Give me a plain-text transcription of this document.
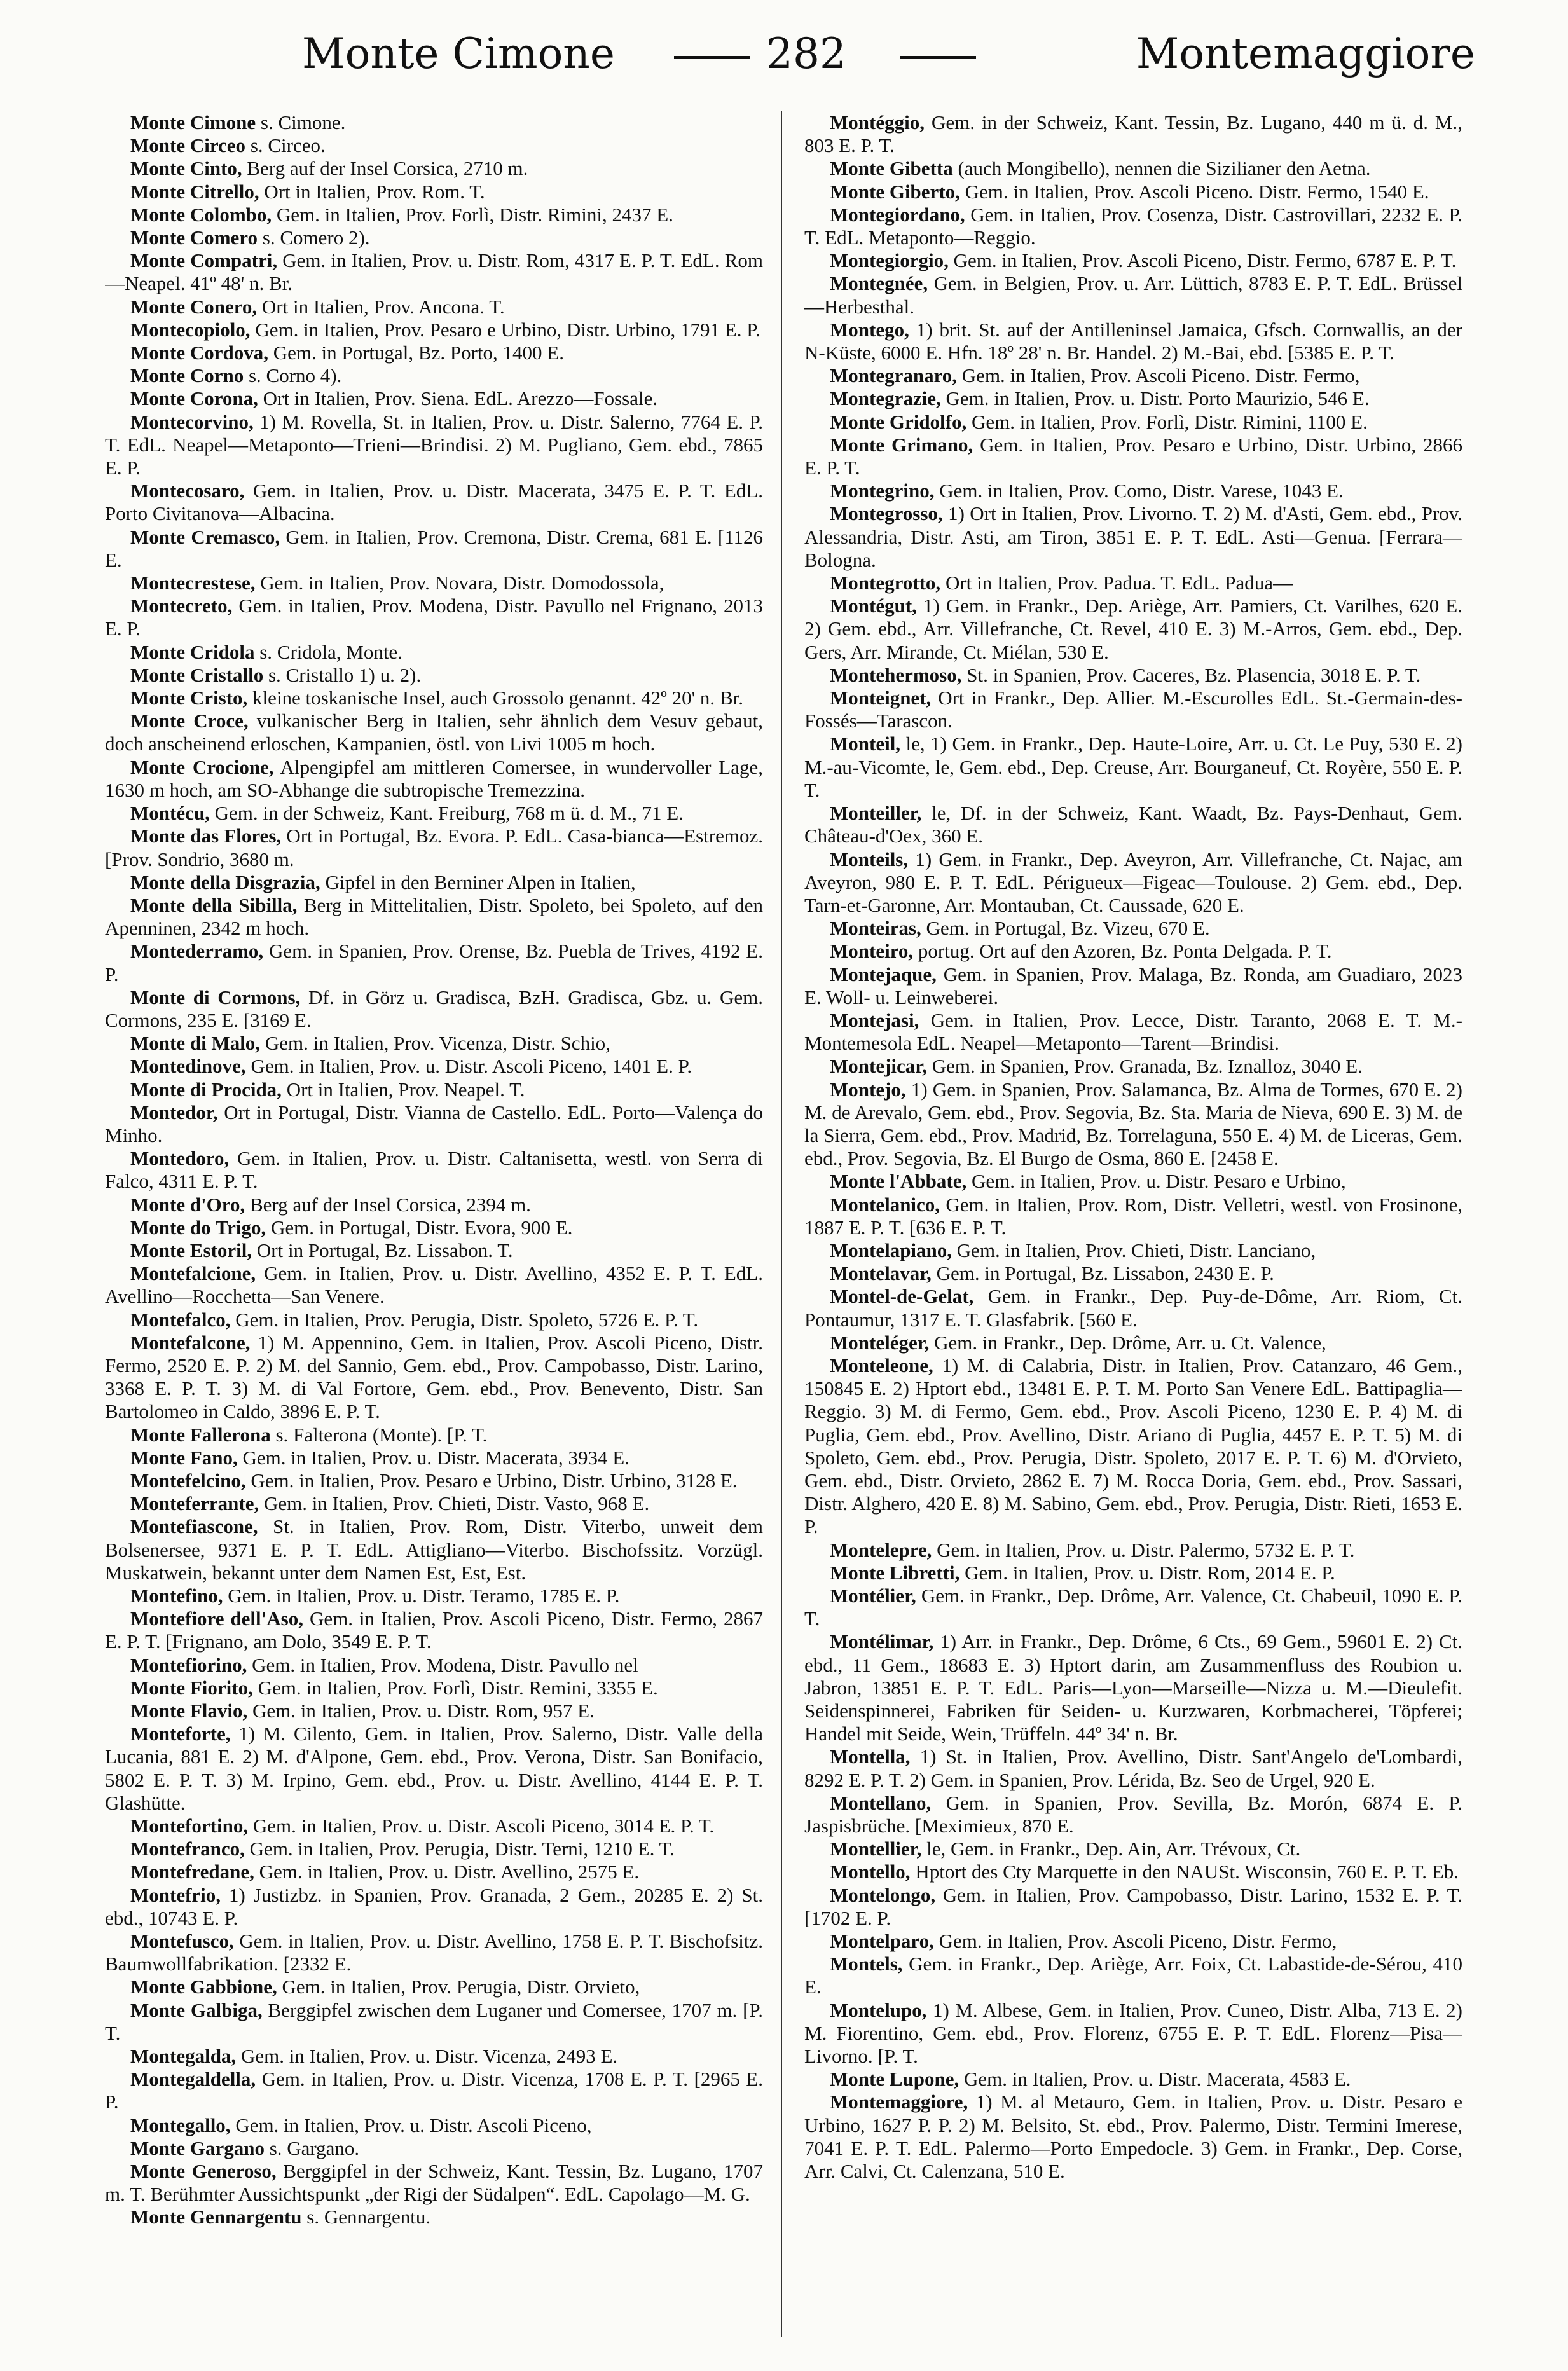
Monte Cimone	282	Montemaggiore

Monte Cimone s. Cimone.

Monte Circeo s. Circeo.

Monte Cinto, Berg auf der Insel Corsica, 2710 m.

Monte Citrello, Ort in Italien, Prov. Rom. T.

Monte Colombo, Gem. in Italien, Prov. Forlì, Distr. Rimini, 2437 E.

Monte Comero s. Comero 2).

Monte Compatri, Gem. in Italien, Prov. u. Distr. Rom, 4317 E. P. T. EdL. Rom—Neapel. 41º 48' n. Br.

Monte Conero, Ort in Italien, Prov. Ancona. T.

Montecopiolo, Gem. in Italien, Prov. Pesaro e Urbino, Distr. Urbino, 1791 E. P.

Monte Cordova, Gem. in Portugal, Bz. Porto, 1400 E.

Monte Corno s. Corno 4).

Monte Corona, Ort in Italien, Prov. Siena. EdL. Arezzo—Fossale.

Montecorvino, 1) M. Rovella, St. in Italien, Prov. u. Distr. Salerno, 7764 E. P. T. EdL. Neapel—Metaponto—Trieni—Brindisi. 2) M. Pugliano, Gem. ebd., 7865 E. P.

Montecosaro, Gem. in Italien, Prov. u. Distr. Macerata, 3475 E. P. T. EdL. Porto Civitanova—Albacina.

Monte Cremasco, Gem. in Italien, Prov. Cremona, Distr. Crema, 681 E. [1126 E.

Montecrestese, Gem. in Italien, Prov. Novara, Distr. Domodossola,

Montecreto, Gem. in Italien, Prov. Modena, Distr. Pavullo nel Frignano, 2013 E. P.

Monte Cridola s. Cridola, Monte.

Monte Cristallo s. Cristallo 1) u. 2).

Monte Cristo, kleine toskanische Insel, auch Grossolo genannt. 42º 20' n. Br.

Monte Croce, vulkanischer Berg in Italien, sehr ähnlich dem Vesuv gebaut, doch anscheinend erloschen, Kampanien, östl. von Livi 1005 m hoch.

Monte Crocione, Alpengipfel am mittleren Comersee, in wundervoller Lage, 1630 m hoch, am SO-Abhange die subtropische Tremezzina.

Montécu, Gem. in der Schweiz, Kant. Freiburg, 768 m ü. d. M., 71 E.

Monte das Flores, Ort in Portugal, Bz. Evora. P. EdL. Casa-bianca—Estremoz. [Prov. Sondrio, 3680 m.

Monte della Disgrazia, Gipfel in den Berniner Alpen in Italien,

Monte della Sibilla, Berg in Mittelitalien, Distr. Spoleto, bei Spoleto, auf den Apenninen, 2342 m hoch.

Montederramo, Gem. in Spanien, Prov. Orense, Bz. Puebla de Trives, 4192 E. P.

Monte di Cormons, Df. in Görz u. Gradisca, BzH. Gradisca, Gbz. u. Gem. Cormons, 235 E. [3169 E.

Monte di Malo, Gem. in Italien, Prov. Vicenza, Distr. Schio,

Montedinove, Gem. in Italien, Prov. u. Distr. Ascoli Piceno, 1401 E. P.

Monte di Procida, Ort in Italien, Prov. Neapel. T.

Montedor, Ort in Portugal, Distr. Vianna de Castello. EdL. Porto—Valença do Minho.

Montedoro, Gem. in Italien, Prov. u. Distr. Caltanisetta, westl. von Serra di Falco, 4311 E. P. T.

Monte d'Oro, Berg auf der Insel Corsica, 2394 m.

Monte do Trigo, Gem. in Portugal, Distr. Evora, 900 E.

Monte Estoril, Ort in Portugal, Bz. Lissabon. T.

Montefalcione, Gem. in Italien, Prov. u. Distr. Avellino, 4352 E. P. T. EdL. Avellino—Rocchetta—San Venere.

Montefalco, Gem. in Italien, Prov. Perugia, Distr. Spoleto, 5726 E. P. T.

Montefalcone, 1) M. Appennino, Gem. in Italien, Prov. Ascoli Piceno, Distr. Fermo, 2520 E. P. 2) M. del Sannio, Gem. ebd., Prov. Campobasso, Distr. Larino, 3368 E. P. T. 3) M. di Val Fortore, Gem. ebd., Prov. Benevento, Distr. San Bartolomeo in Caldo, 3896 E. P. T.

Monte Fallerona s. Falterona (Monte). [P. T.

Monte Fano, Gem. in Italien, Prov. u. Distr. Macerata, 3934 E.

Montefelcino, Gem. in Italien, Prov. Pesaro e Urbino, Distr. Urbino, 3128 E.

Monteferrante, Gem. in Italien, Prov. Chieti, Distr. Vasto, 968 E.

Montefiascone, St. in Italien, Prov. Rom, Distr. Viterbo, unweit dem Bolsenersee, 9371 E. P. T. EdL. Attigliano—Viterbo. Bischofssitz. Vorzügl. Muskatwein, bekannt unter dem Namen Est, Est, Est.

Montefino, Gem. in Italien, Prov. u. Distr. Teramo, 1785 E. P.

Montefiore dell'Aso, Gem. in Italien, Prov. Ascoli Piceno, Distr. Fermo, 2867 E. P. T. [Frignano, am Dolo, 3549 E. P. T.

Montefiorino, Gem. in Italien, Prov. Modena, Distr. Pavullo nel

Monte Fiorito, Gem. in Italien, Prov. Forlì, Distr. Remini, 3355 E.

Monte Flavio, Gem. in Italien, Prov. u. Distr. Rom, 957 E.

Monteforte, 1) M. Cilento, Gem. in Italien, Prov. Salerno, Distr. Valle della Lucania, 881 E. 2) M. d'Alpone, Gem. ebd., Prov. Verona, Distr. San Bonifacio, 5802 E. P. T. 3) M. Irpino, Gem. ebd., Prov. u. Distr. Avellino, 4144 E. P. T. Glashütte.

Montefortino, Gem. in Italien, Prov. u. Distr. Ascoli Piceno, 3014 E. P. T.

Montefranco, Gem. in Italien, Prov. Perugia, Distr. Terni, 1210 E. T.

Montefredane, Gem. in Italien, Prov. u. Distr. Avellino, 2575 E.

Montefrio, 1) Justizbz. in Spanien, Prov. Granada, 2 Gem., 20285 E. 2) St. ebd., 10743 E. P.

Montefusco, Gem. in Italien, Prov. u. Distr. Avellino, 1758 E. P. T. Bischofsitz. Baumwollfabrikation. [2332 E.

Monte Gabbione, Gem. in Italien, Prov. Perugia, Distr. Orvieto,

Monte Galbiga, Berggipfel zwischen dem Luganer und Comersee, 1707 m. [P. T.

Montegalda, Gem. in Italien, Prov. u. Distr. Vicenza, 2493 E.

Montegaldella, Gem. in Italien, Prov. u. Distr. Vicenza, 1708 E. P. T. [2965 E. P.

Montegallo, Gem. in Italien, Prov. u. Distr. Ascoli Piceno,

Monte Gargano s. Gargano.

Monte Generoso, Berggipfel in der Schweiz, Kant. Tessin, Bz. Lugano, 1707 m. T. Berühmter Aussichtspunkt „der Rigi der Südalpen“. EdL. Capolago—M. G.

Monte Gennargentu s. Gennargentu.

Montéggio, Gem. in der Schweiz, Kant. Tessin, Bz. Lugano, 440 m ü. d. M., 803 E. P. T.

Monte Gibetta (auch Mongibello), nennen die Sizilianer den Aetna.

Monte Giberto, Gem. in Italien, Prov. Ascoli Piceno. Distr. Fermo, 1540 E.

Montegiordano, Gem. in Italien, Prov. Cosenza, Distr. Castrovillari, 2232 E. P. T. EdL. Metaponto—Reggio.

Montegiorgio, Gem. in Italien, Prov. Ascoli Piceno, Distr. Fermo, 6787 E. P. T.

Montegnée, Gem. in Belgien, Prov. u. Arr. Lüttich, 8783 E. P. T. EdL. Brüssel—Herbesthal.

Montego, 1) brit. St. auf der Antilleninsel Jamaica, Gfsch. Cornwallis, an der N-Küste, 6000 E. Hfn. 18º 28' n. Br. Handel. 2) M.-Bai, ebd. [5385 E. P. T.

Montegranaro, Gem. in Italien, Prov. Ascoli Piceno. Distr. Fermo,

Montegrazie, Gem. in Italien, Prov. u. Distr. Porto Maurizio, 546 E.

Monte Gridolfo, Gem. in Italien, Prov. Forlì, Distr. Rimini, 1100 E.

Monte Grimano, Gem. in Italien, Prov. Pesaro e Urbino, Distr. Urbino, 2866 E. P. T.

Montegrino, Gem. in Italien, Prov. Como, Distr. Varese, 1043 E.

Montegrosso, 1) Ort in Italien, Prov. Livorno. T. 2) M. d'Asti, Gem. ebd., Prov. Alessandria, Distr. Asti, am Tiron, 3851 E. P. T. EdL. Asti—Genua. [Ferrara—Bologna.

Montegrotto, Ort in Italien, Prov. Padua. T. EdL. Padua—

Montégut, 1) Gem. in Frankr., Dep. Ariège, Arr. Pamiers, Ct. Varilhes, 620 E. 2) Gem. ebd., Arr. Villefranche, Ct. Revel, 410 E. 3) M.-Arros, Gem. ebd., Dep. Gers, Arr. Mirande, Ct. Miélan, 530 E.

Montehermoso, St. in Spanien, Prov. Caceres, Bz. Plasencia, 3018 E. P. T.

Monteignet, Ort in Frankr., Dep. Allier. M.-Escurolles EdL. St.-Germain-des-Fossés—Tarascon.

Monteil, le, 1) Gem. in Frankr., Dep. Haute-Loire, Arr. u. Ct. Le Puy, 530 E. 2) M.-au-Vicomte, le, Gem. ebd., Dep. Creuse, Arr. Bourganeuf, Ct. Royère, 550 E. P. T.

Monteiller, le, Df. in der Schweiz, Kant. Waadt, Bz. Pays-Denhaut, Gem. Château-d'Oex, 360 E.

Monteils, 1) Gem. in Frankr., Dep. Aveyron, Arr. Villefranche, Ct. Najac, am Aveyron, 980 E. P. T. EdL. Périgueux—Figeac—Toulouse. 2) Gem. ebd., Dep. Tarn-et-Garonne, Arr. Montauban, Ct. Caussade, 620 E.

Monteiras, Gem. in Portugal, Bz. Vizeu, 670 E.

Monteiro, portug. Ort auf den Azoren, Bz. Ponta Delgada. P. T.

Montejaque, Gem. in Spanien, Prov. Malaga, Bz. Ronda, am Guadiaro, 2023 E. Woll- u. Leinweberei.

Montejasi, Gem. in Italien, Prov. Lecce, Distr. Taranto, 2068 E. T. M.-Montemesola EdL. Neapel—Metaponto—Tarent—Brindisi.

Montejicar, Gem. in Spanien, Prov. Granada, Bz. Iznalloz, 3040 E.

Montejo, 1) Gem. in Spanien, Prov. Salamanca, Bz. Alma de Tormes, 670 E. 2) M. de Arevalo, Gem. ebd., Prov. Segovia, Bz. Sta. Maria de Nieva, 690 E. 3) M. de la Sierra, Gem. ebd., Prov. Madrid, Bz. Torrelaguna, 550 E. 4) M. de Liceras, Gem. ebd., Prov. Segovia, Bz. El Burgo de Osma, 860 E. [2458 E.

Monte l'Abbate, Gem. in Italien, Prov. u. Distr. Pesaro e Urbino,

Montelanico, Gem. in Italien, Prov. Rom, Distr. Velletri, westl. von Frosinone, 1887 E. P. T. [636 E. P. T.

Montelapiano, Gem. in Italien, Prov. Chieti, Distr. Lanciano,

Montelavar, Gem. in Portugal, Bz. Lissabon, 2430 E. P.

Montel-de-Gelat, Gem. in Frankr., Dep. Puy-de-Dôme, Arr. Riom, Ct. Pontaumur, 1317 E. T. Glasfabrik. [560 E.

Monteléger, Gem. in Frankr., Dep. Drôme, Arr. u. Ct. Valence,

Monteleone, 1) M. di Calabria, Distr. in Italien, Prov. Catanzaro, 46 Gem., 150845 E. 2) Hptort ebd., 13481 E. P. T. M. Porto San Venere EdL. Battipaglia—Reggio. 3) M. di Fermo, Gem. ebd., Prov. Ascoli Piceno, 1230 E. P. 4) M. di Puglia, Gem. ebd., Prov. Avellino, Distr. Ariano di Puglia, 4457 E. P. T. 5) M. di Spoleto, Gem. ebd., Prov. Perugia, Distr. Spoleto, 2017 E. P. T. 6) M. d'Orvieto, Gem. ebd., Distr. Orvieto, 2862 E. 7) M. Rocca Doria, Gem. ebd., Prov. Sassari, Distr. Alghero, 420 E. 8) M. Sabino, Gem. ebd., Prov. Perugia, Distr. Rieti, 1653 E. P.

Montelepre, Gem. in Italien, Prov. u. Distr. Palermo, 5732 E. P. T.

Monte Libretti, Gem. in Italien, Prov. u. Distr. Rom, 2014 E. P.

Montélier, Gem. in Frankr., Dep. Drôme, Arr. Valence, Ct. Chabeuil, 1090 E. P. T.

Montélimar, 1) Arr. in Frankr., Dep. Drôme, 6 Cts., 69 Gem., 59601 E. 2) Ct. ebd., 11 Gem., 18683 E. 3) Hptort darin, am Zusammenfluss des Roubion u. Jabron, 13851 E. P. T. EdL. Paris—Lyon—Marseille—Nizza u. M.—Dieulefit. Seidenspinnerei, Fabriken für Seiden- u. Kurzwaren, Korbmacherei, Töpferei; Handel mit Seide, Wein, Trüffeln. 44º 34' n. Br.

Montella, 1) St. in Italien, Prov. Avellino, Distr. Sant'Angelo de'Lombardi, 8292 E. P. T. 2) Gem. in Spanien, Prov. Lérida, Bz. Seo de Urgel, 920 E.

Montellano, Gem. in Spanien, Prov. Sevilla, Bz. Morón, 6874 E. P. Jaspisbrüche. [Meximieux, 870 E.

Montellier, le, Gem. in Frankr., Dep. Ain, Arr. Trévoux, Ct.

Montello, Hptort des Cty Marquette in den NAUSt. Wisconsin, 760 E. P. T. Eb.

Montelongo, Gem. in Italien, Prov. Campobasso, Distr. Larino, 1532 E. P. T. [1702 E. P.

Montelparo, Gem. in Italien, Prov. Ascoli Piceno, Distr. Fermo,

Montels, Gem. in Frankr., Dep. Ariège, Arr. Foix, Ct. Labastide-de-Sérou, 410 E.

Montelupo, 1) M. Albese, Gem. in Italien, Prov. Cuneo, Distr. Alba, 713 E. 2) M. Fiorentino, Gem. ebd., Prov. Florenz, 6755 E. P. T. EdL. Florenz—Pisa—Livorno. [P. T.

Monte Lupone, Gem. in Italien, Prov. u. Distr. Macerata, 4583 E.

Montemaggiore, 1) M. al Metauro, Gem. in Italien, Prov. u. Distr. Pesaro e Urbino, 1627 P. P. 2) M. Belsito, St. ebd., Prov. Palermo, Distr. Termini Imerese, 7041 E. P. T. EdL. Palermo—Porto Empedocle. 3) Gem. in Frankr., Dep. Corse, Arr. Calvi, Ct. Calenzana, 510 E.
